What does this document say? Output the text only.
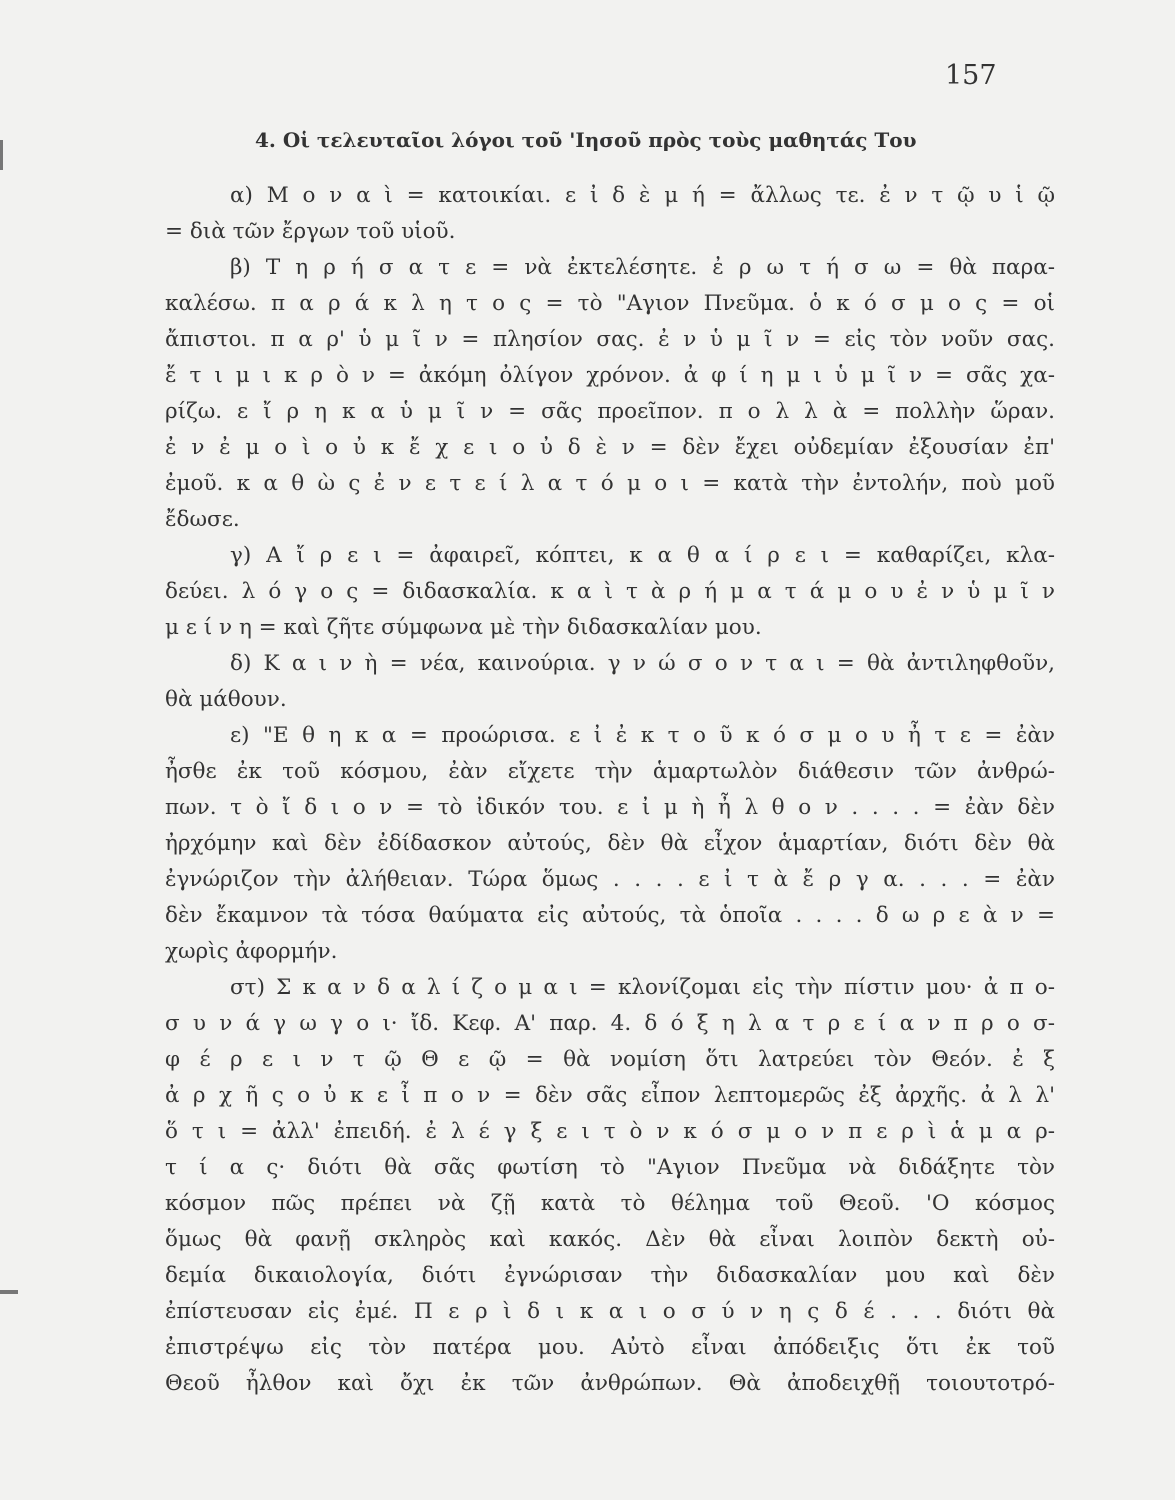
157
4. Οἱ τελευταῖοι λόγοι τοῦ 'Ιησοῦ πρὸς τοὺς μαθητάς Του
α) Μ ο ν α ὶ = κατοικίαι. ε ἰ δ ὲ μ ή = ἄλλως τε. ἐ ν τ ῷ υ ἱ ῷ
= διὰ τῶν ἔργων τοῦ υἱοῦ.
β) Τ η ρ ή σ α τ ε = νὰ ἐκτελέσητε. ἐ ρ ω τ ή σ ω = θὰ παρα-
καλέσω. π α ρ ά κ λ η τ ο ς = τὸ "Αγιον Πνεῦμα. ὁ κ ό σ μ ο ς = οἱ
ἄπιστοι. π α ρ' ὑ μ ῖ ν = πλησίον σας. ἐ ν ὑ μ ῖ ν = εἰς τὸν νοῦν σας.
ἔ τ ι μ ι κ ρ ὸ ν = ἀκόμη ὀλίγον χρόνον. ἀ φ ί η μ ι ὑ μ ῖ ν = σᾶς χα-
ρίζω. ε ἴ ρ η κ α ὑ μ ῖ ν = σᾶς προεῖπον. π ο λ λ ὰ = πολλὴν ὥραν.
ἐ ν ἐ μ ο ὶ ο ὐ κ ἔ χ ε ι ο ὐ δ ὲ ν = δὲν ἔχει οὐδεμίαν ἐξουσίαν ἐπ'
ἐμοῦ. κ α θ ὼ ς ἐ ν ε τ ε ί λ α τ ό μ ο ι = κατὰ τὴν ἐντολήν, ποὺ μοῦ
ἔδωσε.
γ) Α ἴ ρ ε ι = ἀφαιρεῖ, κόπτει, κ α θ α ί ρ ε ι = καθαρίζει, κλα-
δεύει. λ ό γ ο ς = διδασκαλία. κ α ὶ τ ὰ ρ ή μ α τ ά μ ο υ ἐ ν ὑ μ ῖ ν
μ ε ί ν η = καὶ ζῆτε σύμφωνα μὲ τὴν διδασκαλίαν μου.
δ) Κ α ι ν ὴ = νέα, καινούρια. γ ν ώ σ ο ν τ α ι = θὰ ἀντιληφθοῦν,
θὰ μάθουν.
ε) "Ε θ η κ α = προώρισα. ε ἰ ἐ κ τ ο ῦ κ ό σ μ ο υ ἦ τ ε = ἐὰν
ἦσθε ἐκ τοῦ κόσμου, ἐὰν εἴχετε τὴν ἁμαρτωλὸν διάθεσιν τῶν ἀνθρώ-
πων. τ ὸ ἴ δ ι ο ν = τὸ ἰδικόν του. ε ἰ μ ὴ ἦ λ θ ο ν . . . . = ἐὰν δὲν
ἠρχόμην καὶ δὲν ἐδίδασκον αὐτούς, δὲν θὰ εἶχον ἁμαρτίαν, διότι δὲν θὰ
ἐγνώριζον τὴν ἀλήθειαν. Τώρα ὅμως . . . . ε ἰ τ ὰ ἔ ρ γ α. . . . = ἐὰν
δὲν ἔκαμνον τὰ τόσα θαύματα εἰς αὐτούς, τὰ ὁποῖα . . . . δ ω ρ ε ὰ ν =
χωρὶς ἀφορμήν.
στ) Σ κ α ν δ α λ ί ζ ο μ α ι = κλονίζομαι εἰς τὴν πίστιν μου· ἀ π ο-
σ υ ν ά γ ω γ ο ι· ἴδ. Κεφ. Α' παρ. 4. δ ό ξ η λ α τ ρ ε ί α ν π ρ ο σ-
φ έ ρ ε ι ν τ ῷ Θ ε ῷ = θὰ νομίση ὅτι λατρεύει τὸν Θεόν. ἐ ξ
ἀ ρ χ ῆ ς ο ὐ κ ε ἶ π ο ν = δὲν σᾶς εἶπον λεπτομερῶς ἐξ ἀρχῆς. ἀ λ λ'
ὅ τ ι = ἀλλ' ἐπειδή. ἐ λ έ γ ξ ε ι τ ὸ ν κ ό σ μ ο ν π ε ρ ὶ ἁ μ α ρ-
τ ί α ς· διότι θὰ σᾶς φωτίση τὸ "Αγιον Πνεῦμα νὰ διδάξητε τὸν
κόσμον πῶς πρέπει νὰ ζῇ κατὰ τὸ θέλημα τοῦ Θεοῦ. 'Ο κόσμος
ὅμως θὰ φανῇ σκληρὸς καὶ κακός. Δὲν θὰ εἶναι λοιπὸν δεκτὴ οὐ-
δεμία δικαιολογία, διότι ἐγνώρισαν τὴν διδασκαλίαν μου καὶ δὲν
ἐπίστευσαν εἰς ἐμέ. Π ε ρ ὶ δ ι κ α ι ο σ ύ ν η ς δ έ . . . διότι θὰ
ἐπιστρέψω εἰς τὸν πατέρα μου. Αὐτὸ εἶναι ἀπόδειξις ὅτι ἐκ τοῦ
Θεοῦ ἦλθον καὶ ὄχι ἐκ τῶν ἀνθρώπων. Θὰ ἀποδειχθῇ τοιουτοτρό-
